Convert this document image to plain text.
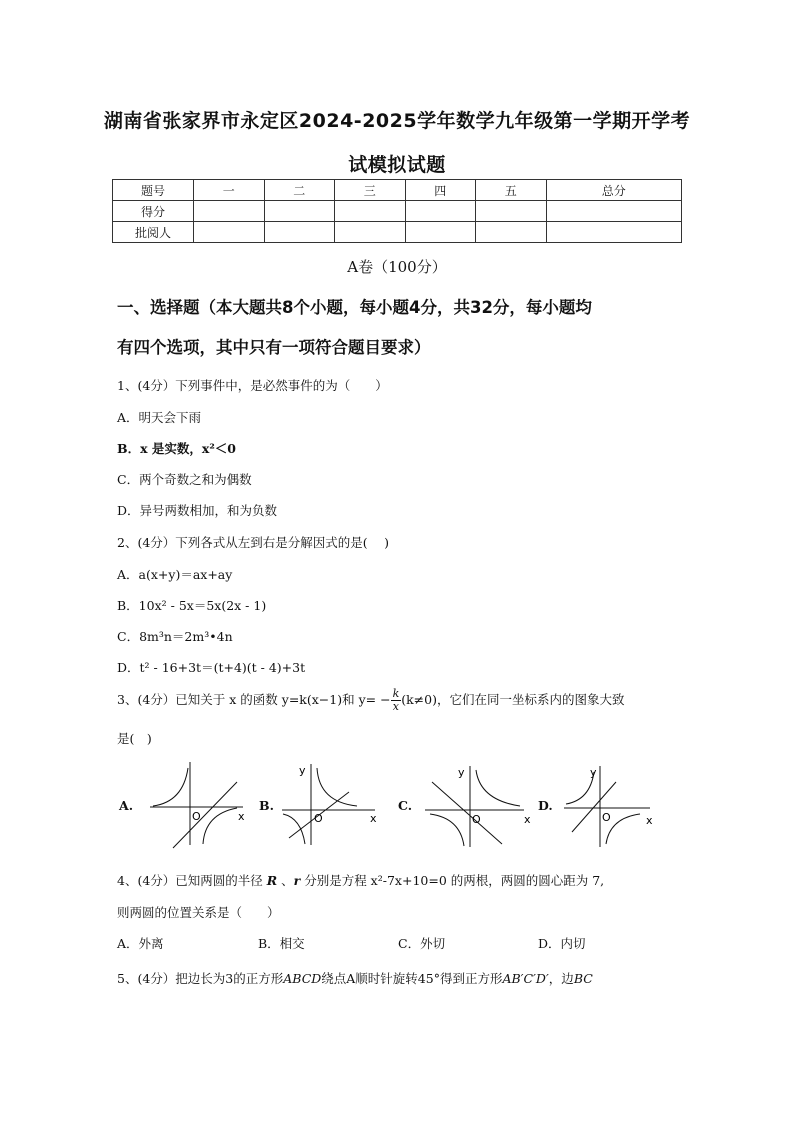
湖南省张家界市永定区2024-2025学年数学九年级第一学期开学考
试模拟试题
题号	一	二	三	四	五	总分
得分						
批阅人						
A卷（100分）
一、选择题（本大题共8个小题，每小题4分，共32分，每小题均
有四个选项，其中只有一项符合题目要求）
1、(4分）下列事件中，是必然事件的为（　　）
A．明天会下雨
B．x 是实数，x²＜0
C．两个奇数之和为偶数
D．异号两数相加，和为负数
2、(4分）下列各式从左到右是分解因式的是(　 )
A．a(x+y)＝ax+ay
B．10x² ‐ 5x＝5x(2x ‐ 1)
C．8m³n＝2m³•4n
D．t² ‐ 16+3t＝(t+4)(t ‐ 4)+3t
3、(4分）已知关于 x 的函数 y=k(x−1)和 $y= - \frac{k}{x} (k\ne 0)$，它们在同一坐标系内的图象大致
是(　)
A.
O	x
B.
y
O	x
C.
y
O	x
D.
y
O	x
4、(4分）已知两圆的半径 R 、r 分别是方程 x²‐7x+10=0 的两根，两圆的圆心距为 7,
则两圆的位置关系是（　　）
A．外离	B．相交	C．外切	D．内切
5、(4分）把边长为3的正方形ABCD绕点A顺时针旋转45°得到正方形AB′C′D′，边BC
